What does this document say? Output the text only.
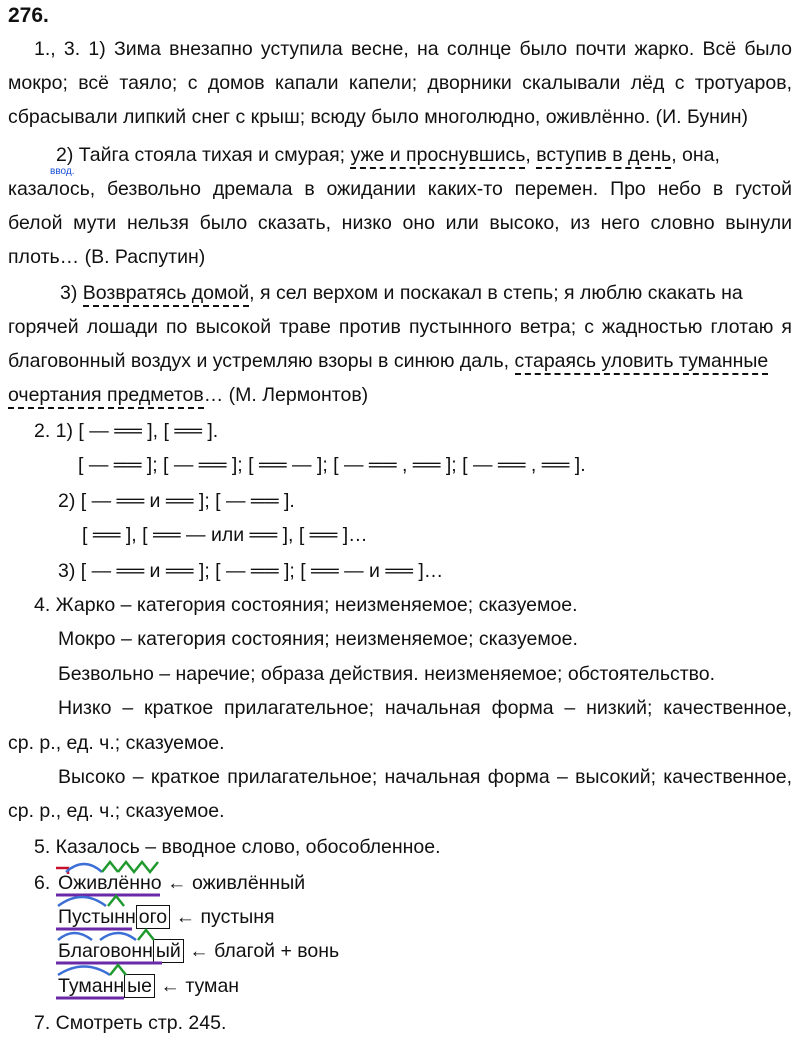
276.
1., 3. 1) Зима внезапно уступила весне, на солнце было почти жарко. Всё было
мокро; всё таяло; с домов капали капели; дворники скалывали лёд с тротуаров,
сбрасывали липкий снег с крыш; всюду было многолюдно, оживлённо. (И. Бунин)
ввод.
2) Тайга стояла тихая и смурая; уже и проснувшись, вступив в день, она,
казалось, безвольно дремала в ожидании каких-то перемен. Про небо в густой
белой мути нельзя было сказать, низко оно или высоко, из него словно вынули
плоть… (В. Распутин)
3) Возвратясь домой, я сел верхом и поскакал в степь; я люблю скакать на
горячей лошади по высокой траве против пустынного ветра; с жадностью глотаю я
благовонный воздух и устремляю взоры в синюю даль, стараясь уловить туманные
очертания предметов… (М. Лермонтов)
2. 1) [ — ══ ], [ ══ ].
[ — ══ ]; [ — ══ ]; [ ══ — ]; [ — ══ , ══ ]; [ — ══ , ══ ].
2) [ — ══ и ══ ]; [ — ══ ].
[ ══ ], [ ══ — или ══ ], [ ══ ]…
3) [ — ══ и ══ ]; [ — ══ ]; [ ══ — и ══ ]…
4. Жарко – категория состояния; неизменяемое; сказуемое.
Мокро – категория состояния; неизменяемое; сказуемое.
Безвольно – наречие; образа действия. неизменяемое; обстоятельство.
Низко – краткое прилагательное; начальная форма – низкий; качественное,
ср. р., ед. ч.; сказуемое.
Высоко – краткое прилагательное; начальная форма – высокий; качественное,
ср. р., ед. ч.; сказуемое.
5. Казалось – вводное слово, обособленное.
6. Оживлённо ← оживлённый
Пустынн ого ← пустыня
Благовонн ый ← благой + вонь
Туманн ые ← туман
7. Смотреть стр. 245.
